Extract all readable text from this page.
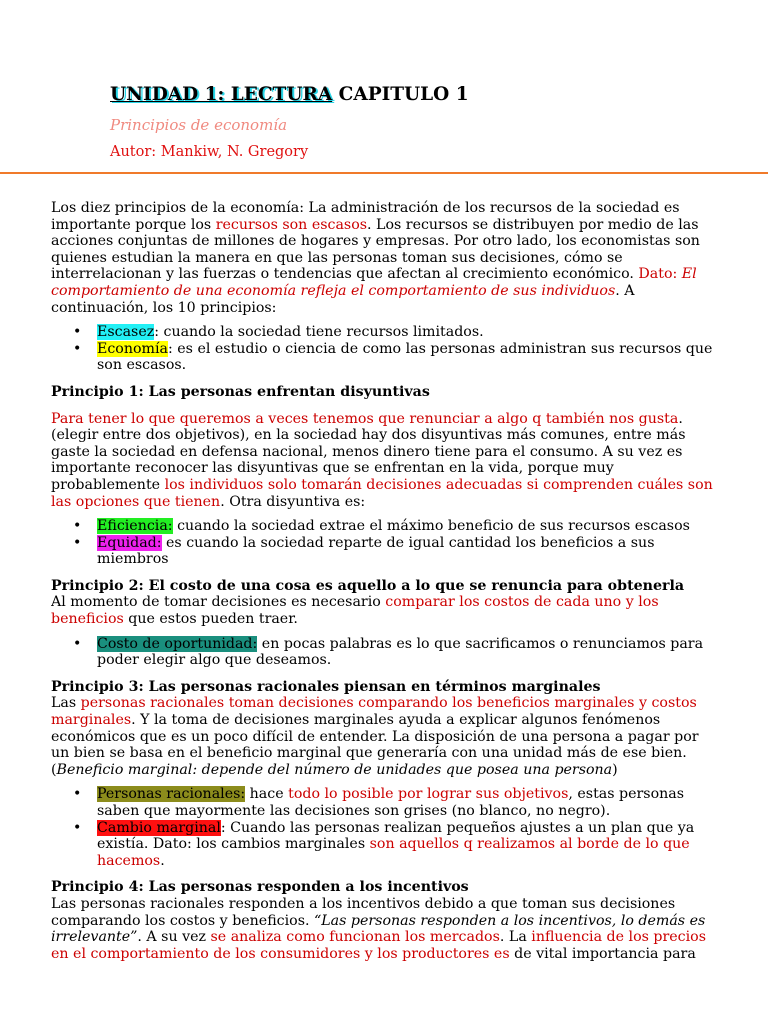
UNIDAD 1: LECTURA CAPITULO 1
Principios de economía
Autor: Mankiw, N. Gregory

Los diez principios de la economía: La administración de los recursos de la sociedad es importante porque los recursos son escasos. Los recursos se distribuyen por medio de las acciones conjuntas de millones de hogares y empresas. Por otro lado, los economistas son quienes estudian la manera en que las personas toman sus decisiones, cómo se interrelacionan y las fuerzas o tendencias que afectan al crecimiento económico. Dato: El comportamiento de una economía refleja el comportamiento de sus individuos. A continuación, los 10 principios:

• Escasez: cuando la sociedad tiene recursos limitados.
• Economía: es el estudio o ciencia de como las personas administran sus recursos que son escasos.

Principio 1: Las personas enfrentan disyuntivas

Para tener lo que queremos a veces tenemos que renunciar a algo q también nos gusta. (elegir entre dos objetivos), en la sociedad hay dos disyuntivas más comunes, entre más gaste la sociedad en defensa nacional, menos dinero tiene para el consumo. A su vez es importante reconocer las disyuntivas que se enfrentan en la vida, porque muy probablemente los individuos solo tomarán decisiones adecuadas si comprenden cuáles son las opciones que tienen. Otra disyuntiva es:

• Eficiencia: cuando la sociedad extrae el máximo beneficio de sus recursos escasos
• Equidad: es cuando la sociedad reparte de igual cantidad los beneficios a sus miembros

Principio 2: El costo de una cosa es aquello a lo que se renuncia para obtenerla

Al momento de tomar decisiones es necesario comparar los costos de cada uno y los beneficios que estos pueden traer.

• Costo de oportunidad: en pocas palabras es lo que sacrificamos o renunciamos para poder elegir algo que deseamos.

Principio 3: Las personas racionales piensan en términos marginales

Las personas racionales toman decisiones comparando los beneficios marginales y costos marginales. Y la toma de decisiones marginales ayuda a explicar algunos fenómenos económicos que es un poco difícil de entender. La disposición de una persona a pagar por un bien se basa en el beneficio marginal que generaría con una unidad más de ese bien. (Beneficio marginal: depende del número de unidades que posea una persona)

• Personas racionales: hace todo lo posible por lograr sus objetivos, estas personas saben que mayormente las decisiones son grises (no blanco, no negro).
• Cambio marginal: Cuando las personas realizan pequeños ajustes a un plan que ya existía. Dato: los cambios marginales son aquellos q realizamos al borde de lo que hacemos.

Principio 4: Las personas responden a los incentivos

Las personas racionales responden a los incentivos debido a que toman sus decisiones comparando los costos y beneficios. “Las personas responden a los incentivos, lo demás es irrelevante”. A su vez se analiza como funcionan los mercados. La influencia de los precios en el comportamiento de los consumidores y los productores es de vital importancia para
